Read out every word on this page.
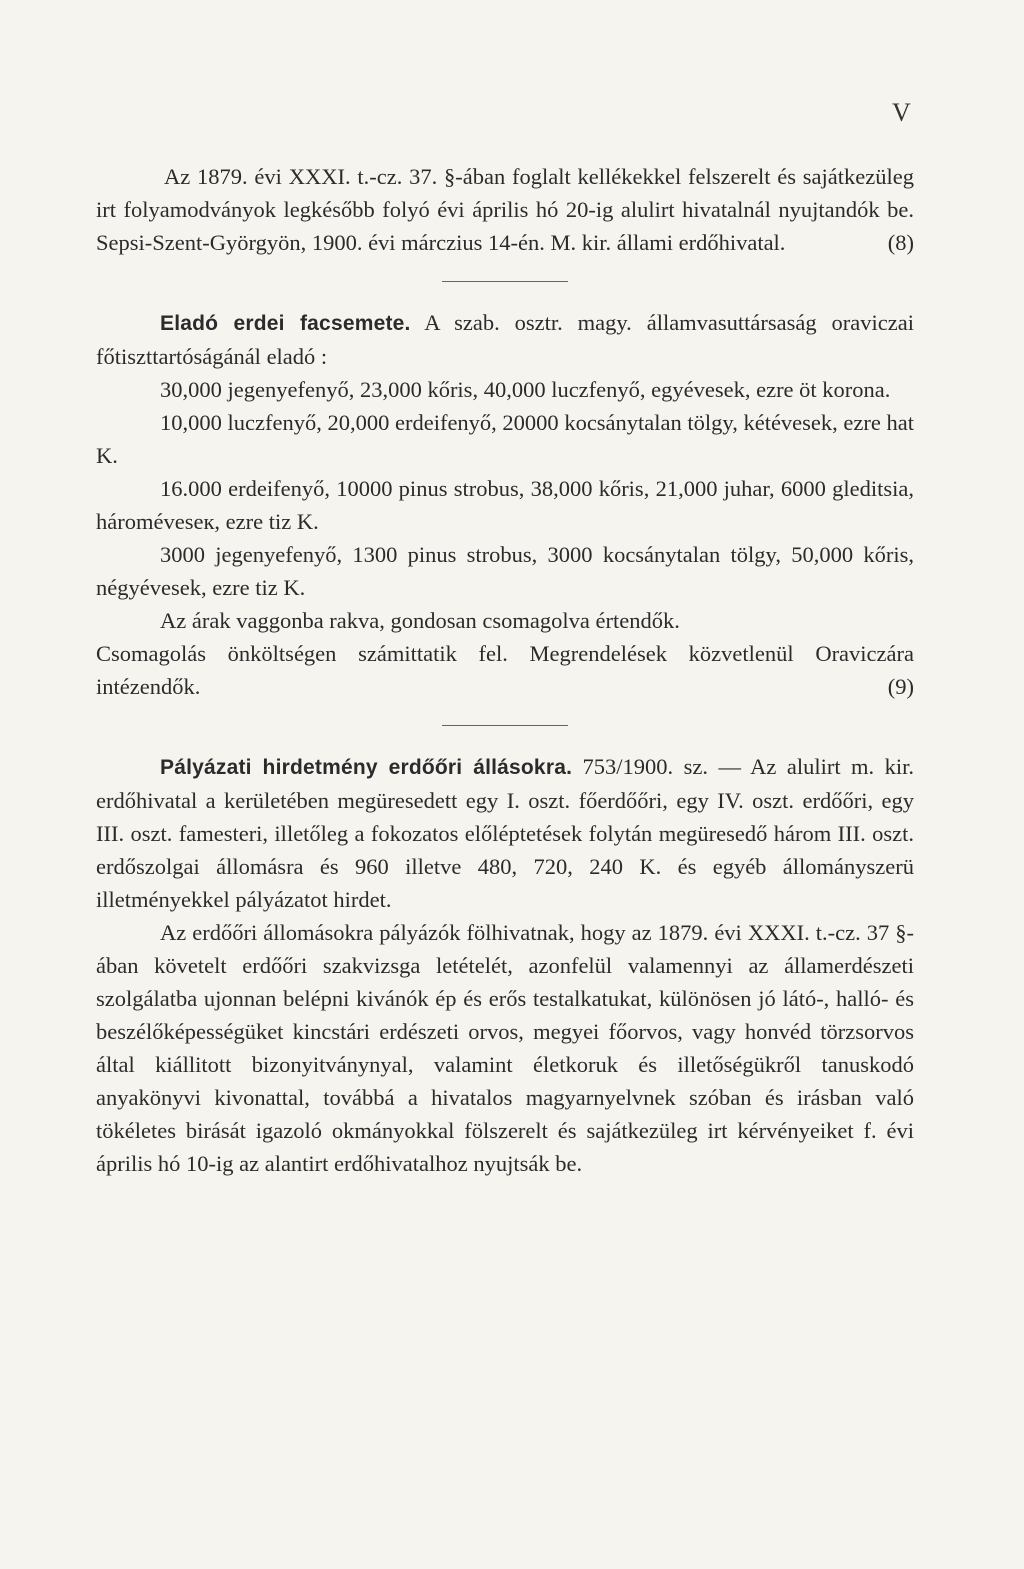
V

Az 1879. évi XXXI. t.-cz. 37. §-ában foglalt kellékekkel felszerelt és sajátkezüleg irt folyamodványok legkésőbb folyó évi április hó 20-ig alulirt hivatalnál nyujtandók be. Sepsi-Szent-Györgyön, 1900. évi márczius 14-én. M. kir. állami erdőhivatal.	(8)

Eladó erdei facsemete. A szab. osztr. magy. államvasuttársaság oraviczai főtiszttartóságánál eladó :

30,000 jegenyefenyő, 23,000 kőris, 40,000 luczfenyő, egyévesek, ezre öt korona.

10,000 luczfenyő, 20,000 erdeifenyő, 20000 kocsánytalan tölgy, kétévesek, ezre hat K.

16.000 erdeifenyő, 10000 pinus strobus, 38,000 kőris, 21,000 juhar, 6000 gleditsia, hároméveseк, ezre tiz K.

3000 jegenyefenyő, 1300 pinus strobus, 3000 kocsánytalan tölgy, 50,000 kőris, négyévesek, ezre tiz K.

Az árak vaggonba rakva, gondosan csomagolva értendők.

Csomagolás önköltségen számittatik fel. Megrendelések közvetlenül Oraviczára intézendők.	(9)

Pályázati hirdetmény erdőőri állásokra. 753/1900. sz. — Az alulirt m. kir. erdőhivatal a kerületében megüresedett egy I. oszt. főerdőőri, egy IV. oszt. erdőőri, egy III. oszt. famesteri, illetőleg a fokozatos előléptetések folytán megüresedő három III. oszt. erdőszolgai állomásra és 960 illetve 480, 720, 240 K. és egyéb állományszerü illetményekkel pályázatot hirdet.

Az erdőőri állomásokra pályázók fölhivatnak, hogy az 1879. évi XXXI. t.-cz. 37 §-ában követelt erdőőri szakvizsga letételét, azonfelül valamennyi az államerdészeti szolgálatba ujonnan belépni kivánók ép és erős testalkatukat, különösen jó látó-, halló- és beszélőképességüket kincstári erdészeti orvos, megyei főorvos, vagy honvéd törzsorvos által kiállitott bizonyitványnyal, valamint életkoruk és illetőségükről tanuskodó anyakönyvi kivonattal, továbbá a hivatalos magyarnyelvnek szóban és irásban való tökéletes birását igazoló okmányokkal fölszerelt és sajátkezüleg irt kérvényeiket f. évi április hó 10-ig az alantirt erdőhivatalhoz nyujtsák be.
